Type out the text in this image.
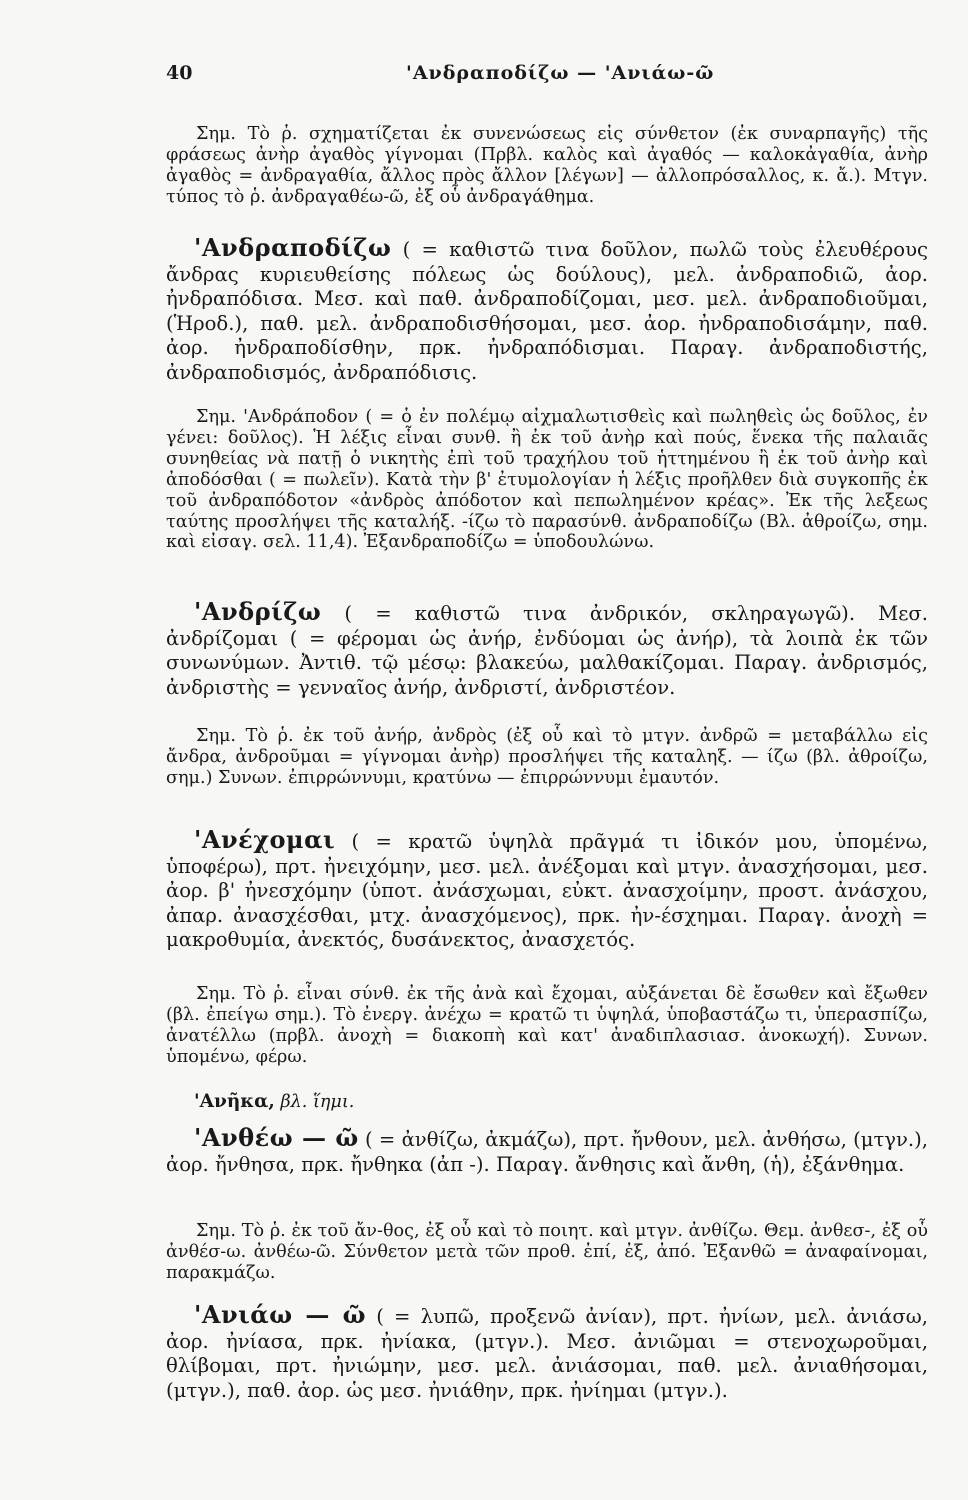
40	'Ανδραποδίζω — 'Ανιάω-ῶ
Σημ. Τὸ ῥ. σχηματίζεται ἐκ συνενώσεως εἰς σύνθετον (ἐκ συναρπαγῆς) τῆς φράσεως ἀνὴρ ἀγαθὸς γίγνομαι (Πρβλ. καλὸς καὶ ἀγαθός — καλοκἀγαθία, ἀνὴρ ἀγαθὸς = ἀνδραγαθία, ἄλλος πρὸς ἄλλον [λέγων] — ἀλλοπρόσαλλος, κ. ἄ.). Μτγν. τύπος τὸ ῥ. ἀνδραγαθέω-ῶ, ἐξ οὗ ἀνδραγάθημα.
'Ανδραποδίζω ( = καθιστῶ τινα δοῦλον, πωλῶ τοὺς ἐλευθέρους ἄνδρας κυριευθείσης πόλεως ὡς δούλους), μελ. ἀνδραποδιῶ, ἀορ. ἠνδραπόδισα. Μεσ. καὶ παθ. ἀνδραποδίζομαι, μεσ. μελ. ἀνδραποδιοῦμαι, (Ἡροδ.), παθ. μελ. ἀνδραποδισθήσομαι, μεσ. ἀορ. ἠνδραποδισάμην, παθ. ἀορ. ἠνδραποδίσθην, πρκ. ἠνδραπόδισμαι. Παραγ. ἀνδραποδιστής, ἀνδραποδισμός, ἀνδραπόδισις.
Σημ. 'Ανδράποδον ( = ὁ ἐν πολέμῳ αἰχμαλωτισθεὶς καὶ πωληθεὶς ὡς δοῦλος, ἐν γένει: δοῦλος). Ἡ λέξις εἶναι συνθ. ἢ ἐκ τοῦ ἀνὴρ καὶ πούς, ἕνεκα τῆς παλαιᾶς συνηθείας νὰ πατῇ ὁ νικητὴς ἐπὶ τοῦ τραχήλου τοῦ ἡττημένου ἢ ἐκ τοῦ ἀνὴρ καὶ ἀποδόσθαι ( = πωλεῖν). Κατὰ τὴν β' ἐτυμολογίαν ἡ λέξις προῆλθεν διὰ συγκοπῆς ἐκ τοῦ ἀνδραπόδοτον «ἀνδρὸς ἀπόδοτον καὶ πεπωλημένον κρέας». Ἐκ τῆς λεξεως ταύτης προσλήψει τῆς καταλήξ. -ίζω τὸ παρασύνθ. ἀνδραποδίζω (Βλ. ἀθροίζω, σημ. καὶ εἰσαγ. σελ. 11,4). Ἐξανδραποδίζω = ὑποδουλώνω.
'Ανδρίζω ( = καθιστῶ τινα ἀνδρικόν, σκληραγωγῶ). Μεσ. ἀνδρίζομαι ( = φέρομαι ὡς ἀνήρ, ἐνδύομαι ὡς ἀνήρ), τὰ λοιπὰ ἐκ τῶν συνωνύμων. Ἀντιθ. τῷ μέσῳ: βλακεύω, μαλθακίζομαι. Παραγ. ἀνδρισμός, ἀνδριστὴς = γενναῖος ἀνήρ, ἀνδριστί, ἀνδριστέον.
Σημ. Τὸ ῥ. ἐκ τοῦ ἀνήρ, ἀνδρὸς (ἐξ οὗ καὶ τὸ μτγν. ἀνδρῶ = μεταβάλλω εἰς ἄνδρα, ἀνδροῦμαι = γίγνομαι ἀνὴρ) προσλήψει τῆς καταληξ. — ίζω (βλ. ἀθροίζω, σημ.) Συνων. ἐπιρρώννυμι, κρατύνω — ἐπιρρώννυμι ἐμαυτόν.
'Ανέχομαι ( = κρατῶ ὑψηλὰ πρᾶγμά τι ἰδικόν μου, ὑπομένω, ὑποφέρω), πρτ. ἠνειχόμην, μεσ. μελ. ἀνέξομαι καὶ μτγν. ἀνασχήσομαι, μεσ. ἀορ. β' ἠνεσχόμην (ὑποτ. ἀνάσχωμαι, εὐκτ. ἀνασχοίμην, προστ. ἀνάσχου, ἀπαρ. ἀνασχέσθαι, μτχ. ἀνασχόμενος), πρκ. ἠν-έσχημαι. Παραγ. ἀνοχὴ = μακροθυμία, ἀνεκτός, δυσάνεκτος, ἀνασχετός.
Σημ. Τὸ ῥ. εἶναι σύνθ. ἐκ τῆς ἀνὰ καὶ ἔχομαι, αὐξάνεται δὲ ἔσωθεν καὶ ἔξωθεν (βλ. ἐπείγω σημ.). Τὸ ἐνεργ. ἀνέχω = κρατῶ τι ὑψηλά, ὑποβαστάζω τι, ὑπερασπίζω, ἀνατέλλω (πρβλ. ἀνοχὴ = διακοπὴ καὶ κατ' ἀναδιπλασιασ. ἀνοκωχή). Συνων. ὑπομένω, φέρω.
'Ανῆκα, βλ. ἵημι.
'Ανθέω — ῶ ( = ἀνθίζω, ἀκμάζω), πρτ. ἤνθουν, μελ. ἀνθήσω, (μτγν.), ἀορ. ἤνθησα, πρκ. ἤνθηκα (ἀπ -). Παραγ. ἄνθησις καὶ ἄνθη, (ἡ), ἐξάνθημα.
Σημ. Τὸ ῥ. ἐκ τοῦ ἄν-θος, ἐξ οὗ καὶ τὸ ποιητ. καὶ μτγν. ἀνθίζω. Θεμ. ἀνθεσ-, ἐξ οὗ ἀνθέσ-ω. ἀνθέω-ῶ. Σύνθετον μετὰ τῶν προθ. ἐπί, ἐξ, ἀπό. Ἐξανθῶ = ἀναφαίνομαι, παρακμάζω.
'Ανιάω — ῶ ( = λυπῶ, προξενῶ ἀνίαν), πρτ. ἠνίων, μελ. ἀνιάσω, ἀορ. ἠνίασα, πρκ. ἠνίακα, (μτγν.). Μεσ. ἀνιῶμαι = στενοχωροῦμαι, θλίβομαι, πρτ. ἠνιώμην, μεσ. μελ. ἀνιάσομαι, παθ. μελ. ἀνιαθήσομαι, (μτγν.), παθ. ἀορ. ὡς μεσ. ἠνιάθην, πρκ. ἠνίημαι (μτγν.).
